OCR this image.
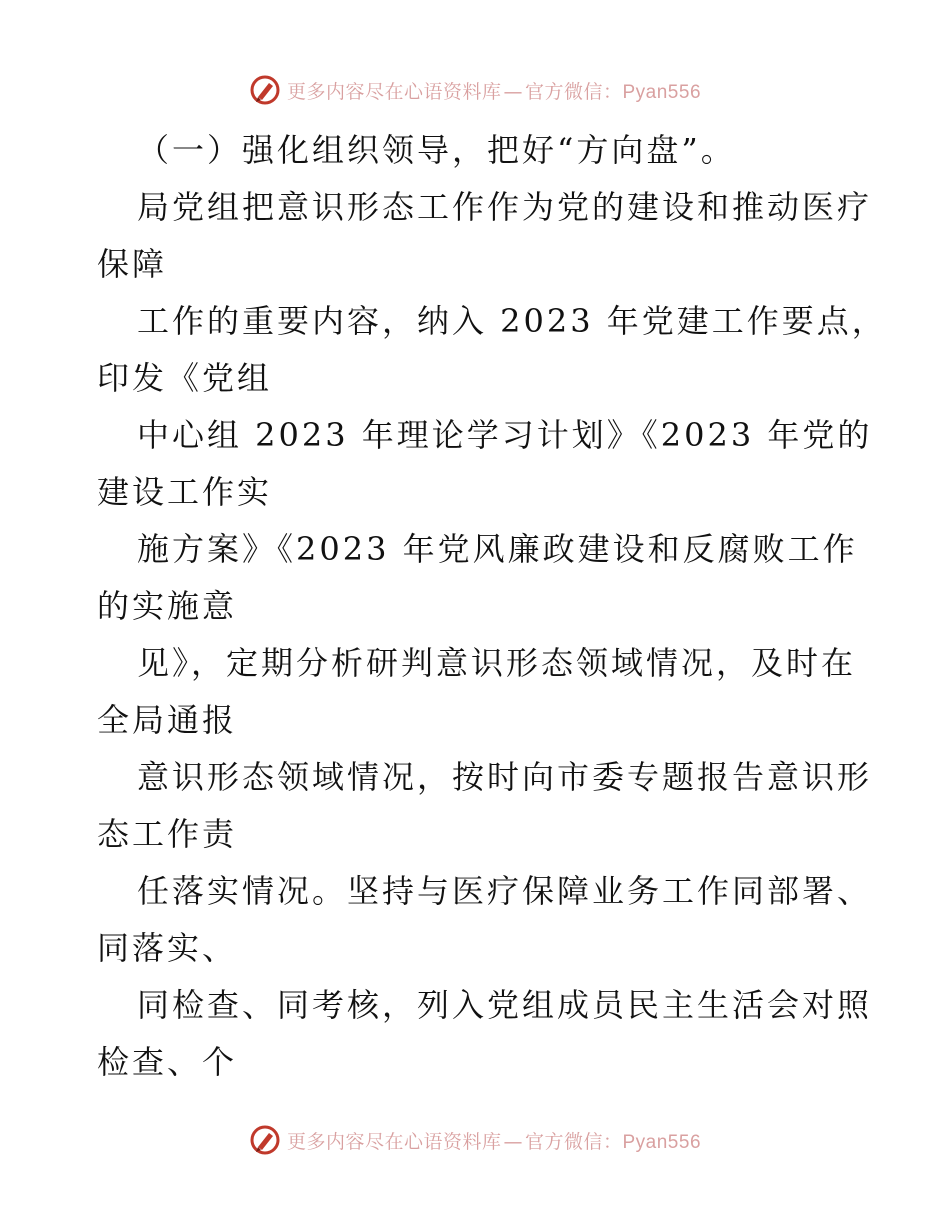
更多内容尽在心语资料库 — 官方微信：Pyan556
（一）强化组织领导，把好“方向盘”。
局党组把意识形态工作作为党的建设和推动医疗
保障
工作的重要内容，纳入 2023 年党建工作要点，
印发《党组
中心组 2023 年理论学习计划》《2023 年党的
建设工作实
施方案》《2023 年党风廉政建设和反腐败工作
的实施意
见》，定期分析研判意识形态领域情况，及时在
全局通报
意识形态领域情况，按时向市委专题报告意识形
态工作责
任落实情况。坚持与医疗保障业务工作同部署、
同落实、
同检查、同考核，列入党组成员民主生活会对照
检查、个
更多内容尽在心语资料库 — 官方微信：Pyan556
